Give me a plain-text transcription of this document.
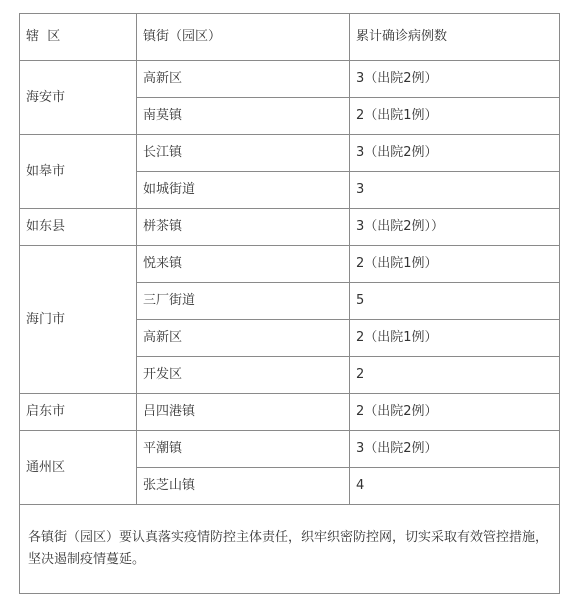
辖  区	镇街（园区）	累计确诊病例数
海安市	高新区	3（出院2例）
	南莫镇	2（出院1例）
如皋市	长江镇	3（出院2例）
	如城街道	3
如东县	栟茶镇	3（出院2例））
海门市	悦来镇	2（出院1例）
	三厂街道	5
	高新区	2（出院1例）
	开发区	2
启东市	吕四港镇	2（出院2例）
通州区	平潮镇	3（出院2例）
	张芝山镇	4
各镇街（园区）要认真落实疫情防控主体责任，织牢织密防控网，切实采取有效管控措施，坚决遏制疫情蔓延。		
